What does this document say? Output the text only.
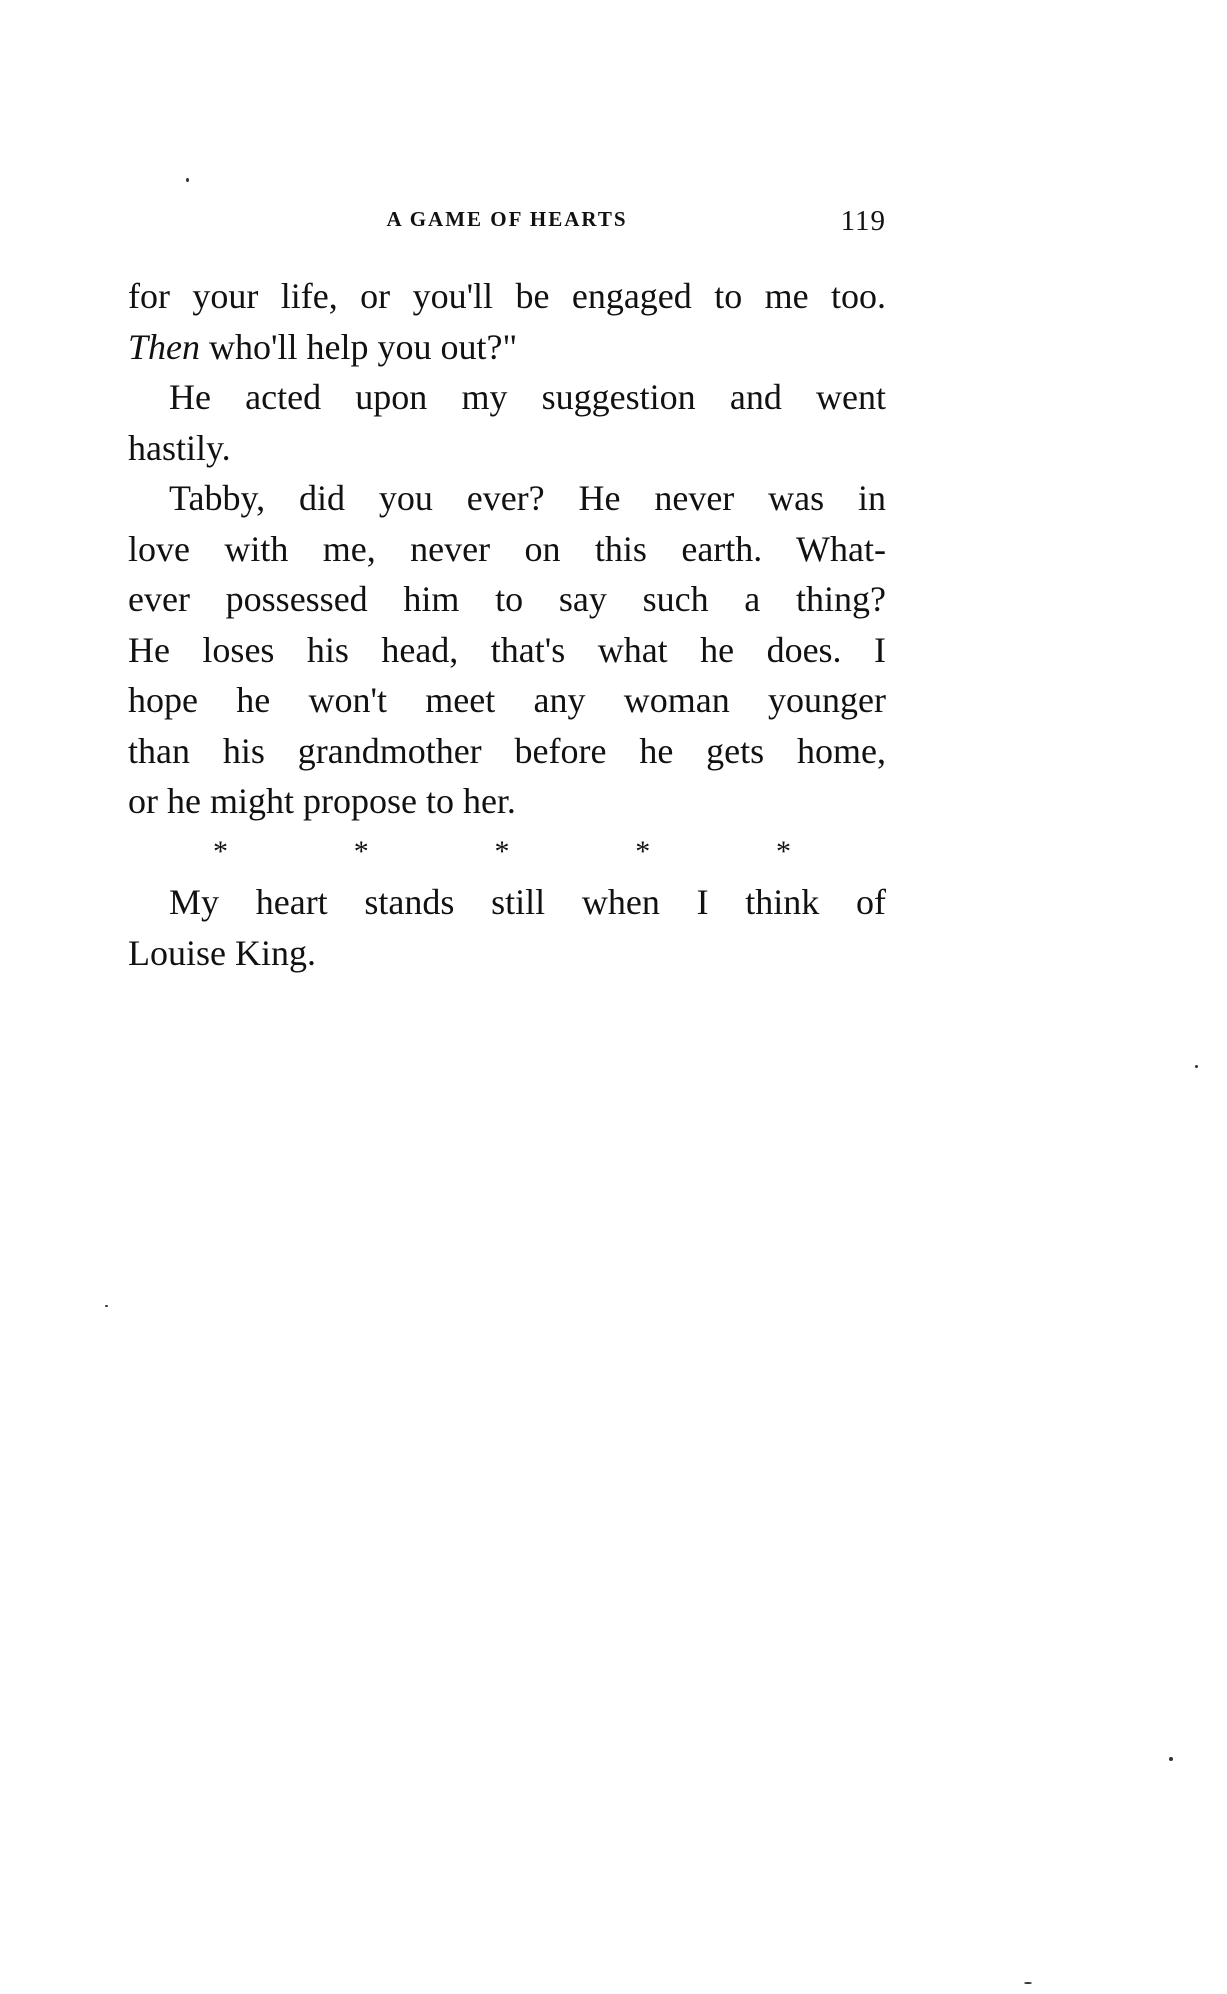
A GAME OF HEARTS	119

for your life, or you'll be engaged to me too.
Then who'll help you out?"

He acted upon my suggestion and went
hastily.

Tabby, did you ever? He never was in
love with me, never on this earth. What-
ever possessed him to say such a thing?
He loses his head, that's what he does. I
hope he won't meet any woman younger
than his grandmother before he gets home,
or he might propose to her.

*	*	*	*	*

My heart stands still when I think of
Louise King.
